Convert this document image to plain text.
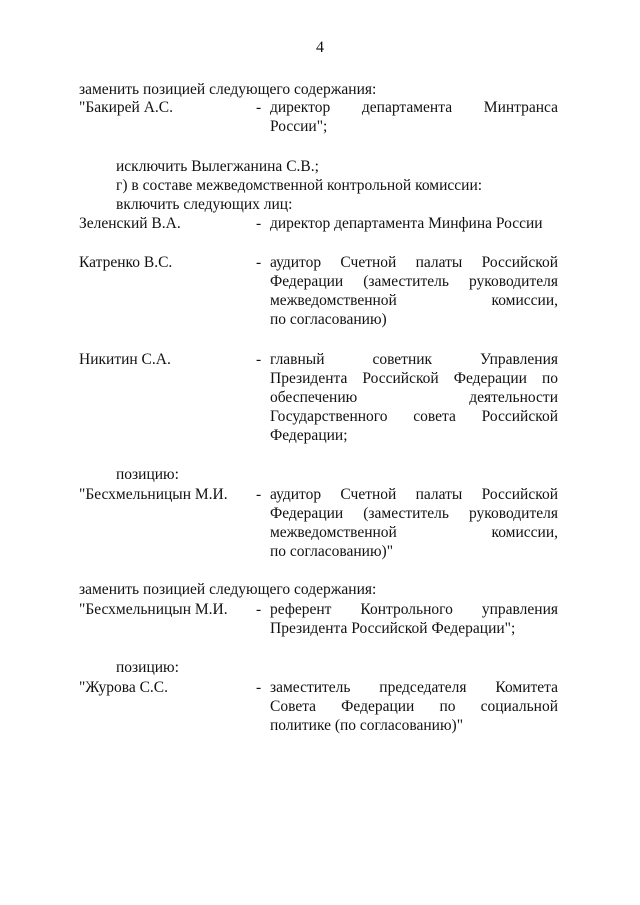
4
заменить позицией следующего содержания:
"Бакирей А.С.	- директор департамента Минтранса
России";
исключить Вылегжанина С.В.;
г) в составе межведомственной контрольной комиссии:
включить следующих лиц:
Зеленский В.А.	- директор департамента Минфина России
Катренко В.С.	- аудитор Счетной палаты Российской
Федерации (заместитель руководителя
межведомственной комиссии,
по согласованию)
Никитин С.А.	- главный советник Управления
Президента Российской Федерации по
обеспечению деятельности
Государственного совета Российской
Федерации;
позицию:
"Бесхмельницын М.И. - аудитор Счетной палаты Российской
Федерации (заместитель руководителя
межведомственной комиссии,
по согласованию)"
заменить позицией следующего содержания:
"Бесхмельницын М.И. - референт Контрольного управления
Президента Российской Федерации";
позицию:
"Журова С.С.	- заместитель председателя Комитета
Совета Федерации по социальной
политике (по согласованию)"
